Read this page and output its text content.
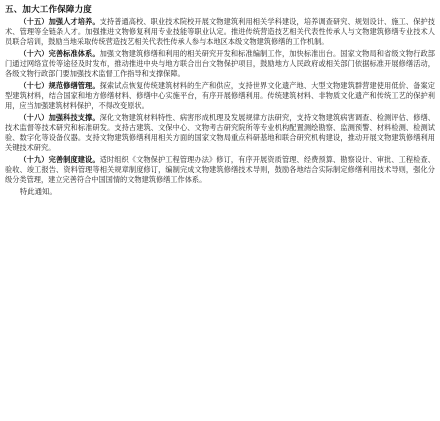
五、加大工作保障力度

（十五）加强人才培养。支持普通高校、职业技术院校开展文物建筑利用相关学科建设，培养调查研究、规划设计、施工、保护技术、管理等全链条人才。加强推进文物修复利用专业技能等职业认定。推进传统营造技艺相关代表性传承人与文物建筑修缮专业技术人员联合培训，鼓励当地采取传统营造技艺相关代表性传承人参与本地区本级文物建筑修缮的工作机制。

（十六）完善标准体系。加强文物建筑修缮和利用的相关研究开发和标准编制工作，加快标准出台。国家文物局和省级文物行政部门通过网络宣传等途径及时发布，推动推进中央与地方联合出台文物保护项目，鼓励地方人民政府或相关部门依据标准开展修缮活动，各级文物行政部门要加强技术监督工作指导和支撑保障。

（十七）规范修缮管理。探索试点恢复传统建筑材料的生产和供应，支持世界文化遗产地、大型文物建筑群营建使用低价、备案定型建筑材料，结合国家和地方修缮材料、修缮中心实施平台，有序开展修缮利用。传统建筑材料、非物质文化遗产和传统工艺的保护利用，应当加强建筑材料保护，不得改变原状。

（十八）加强科技支撑。深化文物建筑材料特性、病害形成机理及发展规律方法研究，支持文物建筑病害调查、检测评估、修缮、技术监督等技术研究和标准研发。支持古建筑、文保中心、文物考古研究院所等专业机构配置测绘勘察、监测预警、材料检测、检测试验、数字化等设备仪器。支持文物建筑修缮利用相关方面的国家文物局重点科研基地和联合研究机构建设，推动开展文物建筑修缮利用关键技术研究。

（十九）完善制度建设。适时组织《文物保护工程管理办法》修订，有序开展资质管理、经费预算、勘察设计、审批、工程检查、验收、竣工报告、资料管理等相关规章制度修订，编制完成文物建筑修缮技术导则，鼓励各地结合实际制定修缮利用技术导则，强化分级分类管理，建立完善符合中国国情的文物建筑修缮工作体系。

特此通知。
